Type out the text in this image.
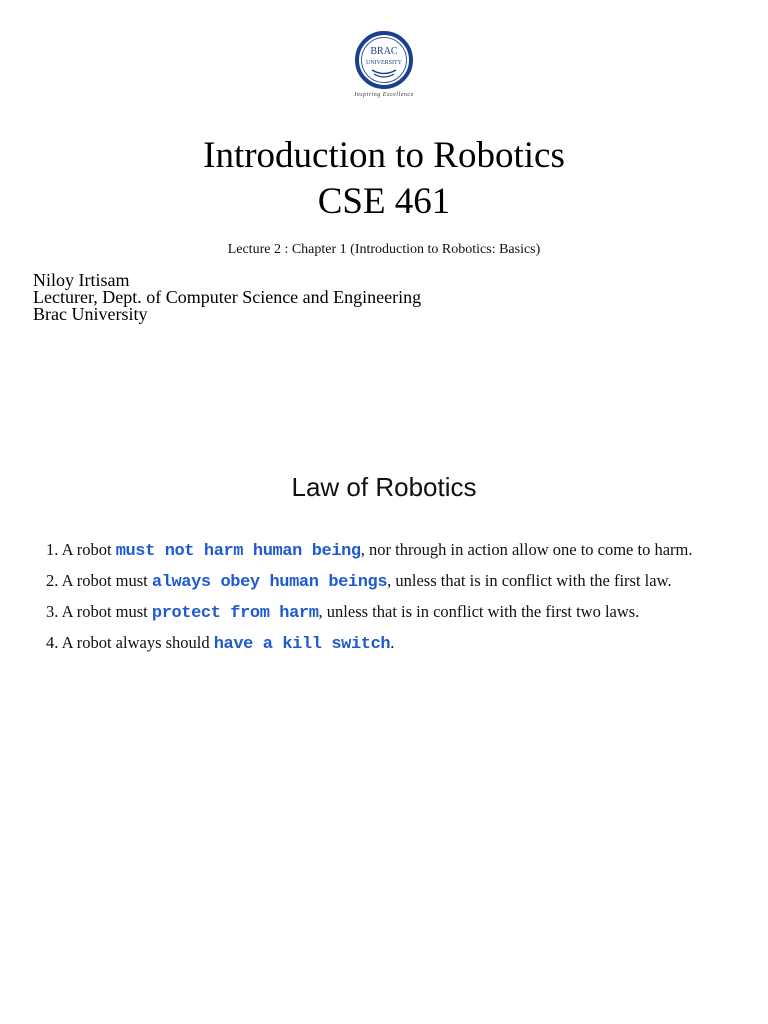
BRAC
UNIVERSITY
Inspiring Excellence
Introduction to Robotics
CSE 461
Lecture 2 : Chapter 1 (Introduction to Robotics: Basics)
Niloy Irtisam
Lecturer, Dept. of Computer Science and Engineering
Brac University
Law of Robotics
1. A robot must not harm human being, nor through in action allow one to come to harm.
2. A robot must always obey human beings, unless that is in conflict with the first law.
3. A robot must protect from harm, unless that is in conflict with the first two laws.
4. A robot always should have a kill switch.
